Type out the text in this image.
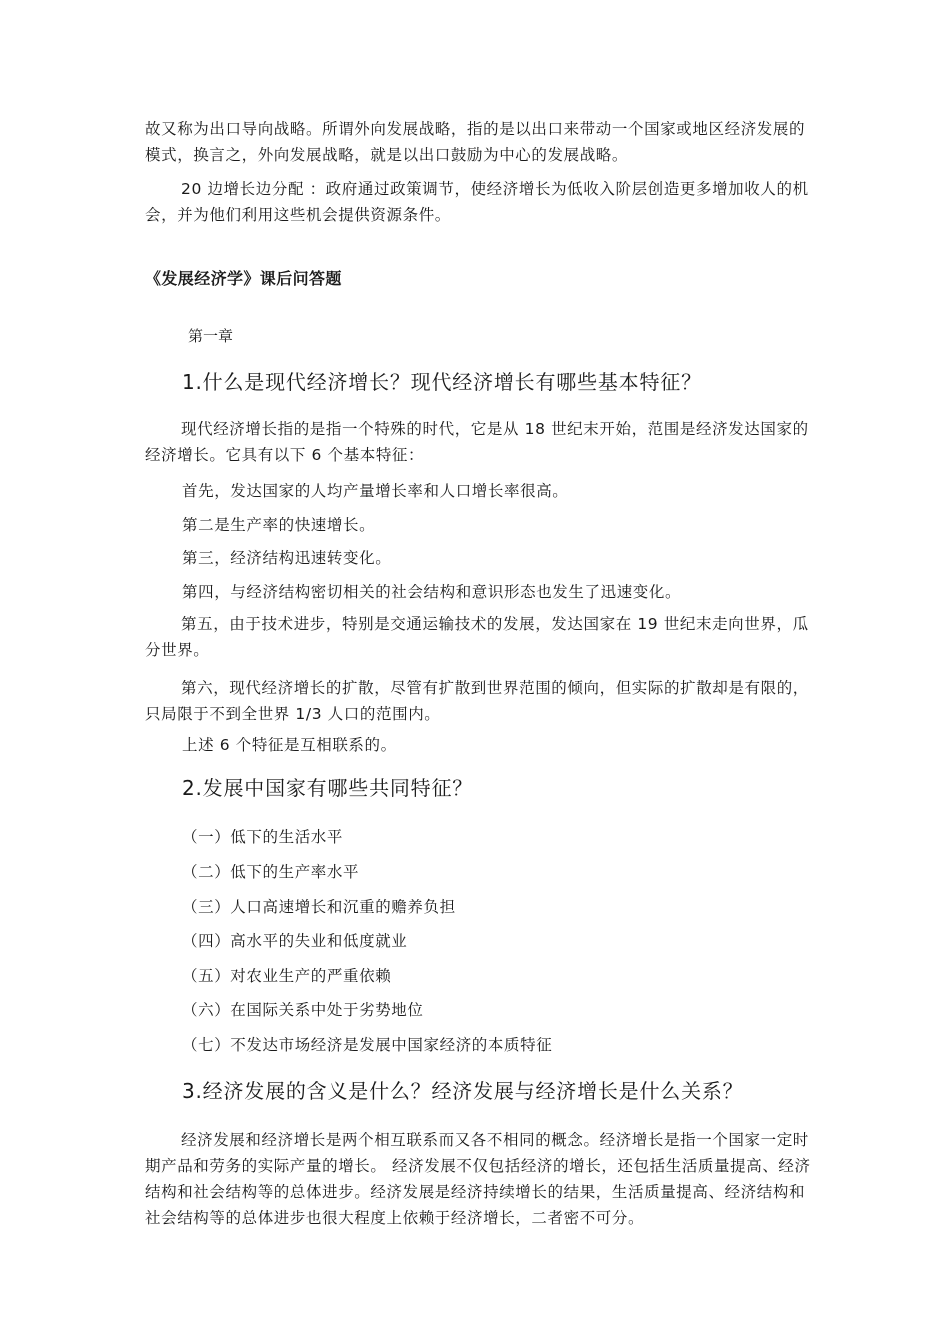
故又称为出口导向战略。所谓外向发展战略，指的是以出口来带动一个国家或地区经济发展的模式，换言之，外向发展战略，就是以出口鼓励为中心的发展战略。

20 边增长边分配 ：政府通过政策调节，使经济增长为低收入阶层创造更多增加收人的机会，并为他们利用这些机会提供资源条件。

《发展经济学》课后问答题
第一章
1.什么是现代经济增长？现代经济增长有哪些基本特征？

现代经济增长指的是指一个特殊的时代，它是从 18 世纪末开始，范围是经济发达国家的经济增长。它具有以下 6 个基本特征：

首先，发达国家的人均产量增长率和人口增长率很高。

第二是生产率的快速增长。

第三，经济结构迅速转变化。

第四，与经济结构密切相关的社会结构和意识形态也发生了迅速变化。

第五，由于技术进步，特别是交通运输技术的发展，发达国家在 19 世纪末走向世界，瓜分世界。

第六，现代经济增长的扩散，尽管有扩散到世界范围的倾向，但实际的扩散却是有限的，只局限于不到全世界 1/3 人口的范围内。

上述 6 个特征是互相联系的。

2.发展中国家有哪些共同特征？

（一）低下的生活水平

（二）低下的生产率水平

（三）人口高速增长和沉重的赡养负担

（四）高水平的失业和低度就业

（五）对农业生产的严重依赖

（六）在国际关系中处于劣势地位

（七）不发达市场经济是发展中国家经济的本质特征

3.经济发展的含义是什么？经济发展与经济增长是什么关系？

经济发展和经济增长是两个相互联系而又各不相同的概念。经济增长是指一个国家一定时期产品和劳务的实际产量的增长。 经济发展不仅包括经济的增长，还包括生活质量提高、经济结构和社会结构等的总体进步。经济发展是经济持续增长的结果，生活质量提高、经济结构和社会结构等的总体进步也很大程度上依赖于经济增长，二者密不可分。
